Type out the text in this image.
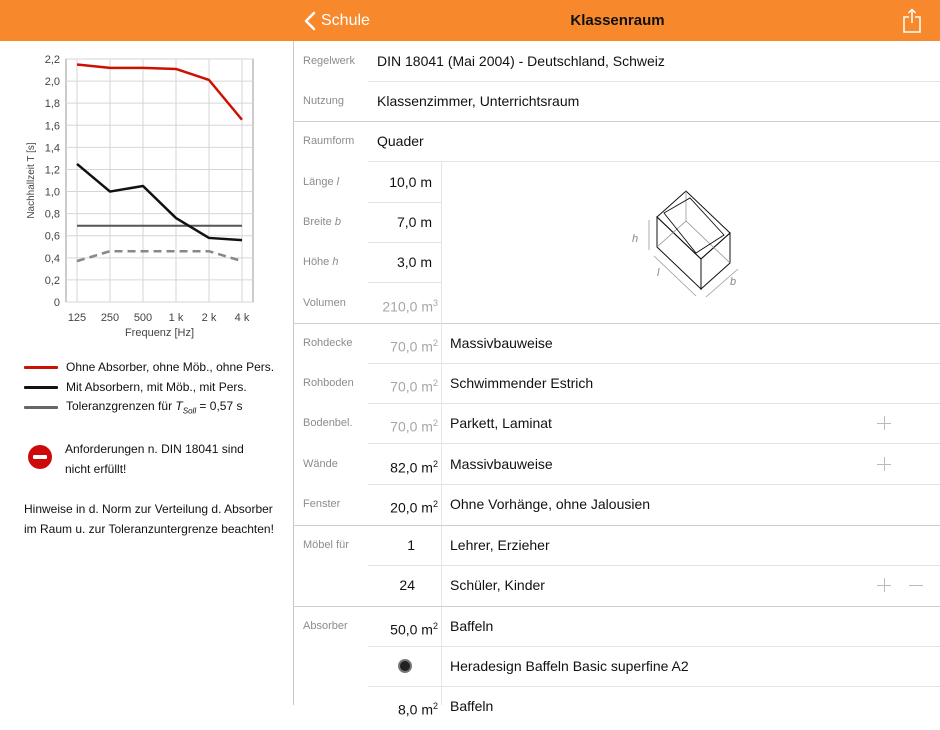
Schule	Klassenraum
0
0,2
0,4
0,6
0,8
1,0
1,2
1,4
1,6
1,8
2,0
2,2
125 250 500 1 k 2 k 4 k
Frequenz [Hz]
Nachhallzeit T [s]
Ohne Absorber, ohne Möb., ohne Pers.
Mit Absorbern, mit Möb., mit Pers.
Toleranzgrenzen für $T_{Soll} = 0,57$ s
Anforderungen n. DIN 18041 sind
nicht erfüllt!
Hinweise in d. Norm zur Verteilung d. Absorber
im Raum u. zur Toleranzuntergrenze beachten!
Regelwerk DIN 18041 (Mai 2004) - Deutschland, Schweiz
Nutzung Klassenzimmer, Unterrichtsraum
Raumform Quader
Länge l	10,0 m
Breite b	7,0 m
Höhe h	3,0 m
Volumen	210,0 $m^3$
h
l
b
Rohdecke	70,0 $m^2$ Massivbauweise
Rohboden	70,0 $m^2$ Schwimmender Estrich
Bodenbel.	70,0 $m^2$ Parkett, Laminat
Wände	82,0 $m^2$ Massivbauweise
Fenster	20,0 $m^2$ Ohne Vorhänge, ohne Jalousien
Möbel für	1	Lehrer, Erzieher
24	Schüler, Kinder
Absorber	50,0 $m^2$ Baffeln
Heradesign Baffeln Basic superfine A2
8,0 $m^2$ Baffeln
